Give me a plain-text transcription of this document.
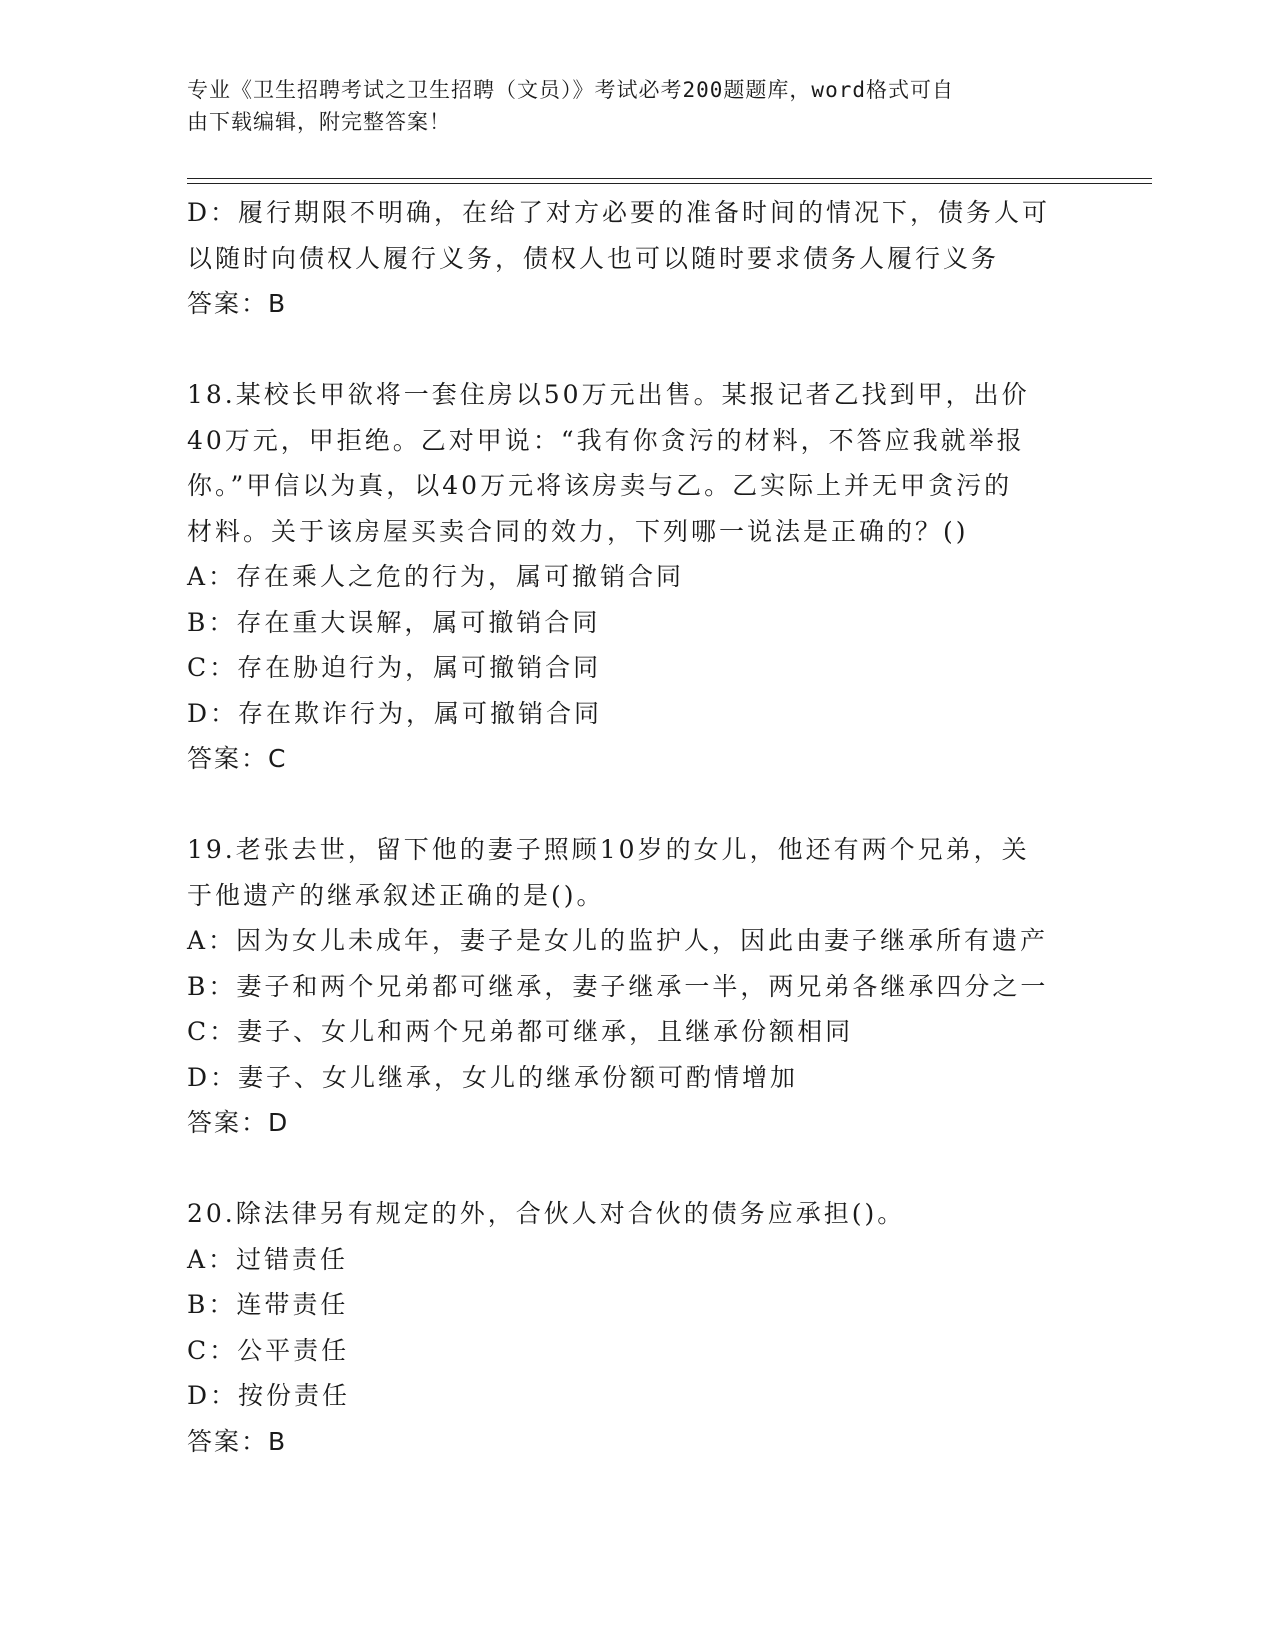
专业《卫生招聘考试之卫生招聘（文员）》考试必考200题题库，word格式可自
由下载编辑，附完整答案！
D：履行期限不明确，在给了对方必要的准备时间的情况下，债务人可
以随时向债权人履行义务，债权人也可以随时要求债务人履行义务
答案：B
18.某校长甲欲将一套住房以50万元出售。某报记者乙找到甲，出价
40万元，甲拒绝。乙对甲说：“我有你贪污的材料，不答应我就举报
你。”甲信以为真，以40万元将该房卖与乙。乙实际上并无甲贪污的
材料。关于该房屋买卖合同的效力，下列哪一说法是正确的？()
A：存在乘人之危的行为，属可撤销合同
B：存在重大误解，属可撤销合同
C：存在胁迫行为，属可撤销合同
D：存在欺诈行为，属可撤销合同
答案：C
19.老张去世，留下他的妻子照顾10岁的女儿，他还有两个兄弟，关
于他遗产的继承叙述正确的是()。
A：因为女儿未成年，妻子是女儿的监护人，因此由妻子继承所有遗产
B：妻子和两个兄弟都可继承，妻子继承一半，两兄弟各继承四分之一
C：妻子、女儿和两个兄弟都可继承，且继承份额相同
D：妻子、女儿继承，女儿的继承份额可酌情增加
答案：D
20.除法律另有规定的外，合伙人对合伙的债务应承担()。
A：过错责任
B：连带责任
C：公平责任
D：按份责任
答案：B
